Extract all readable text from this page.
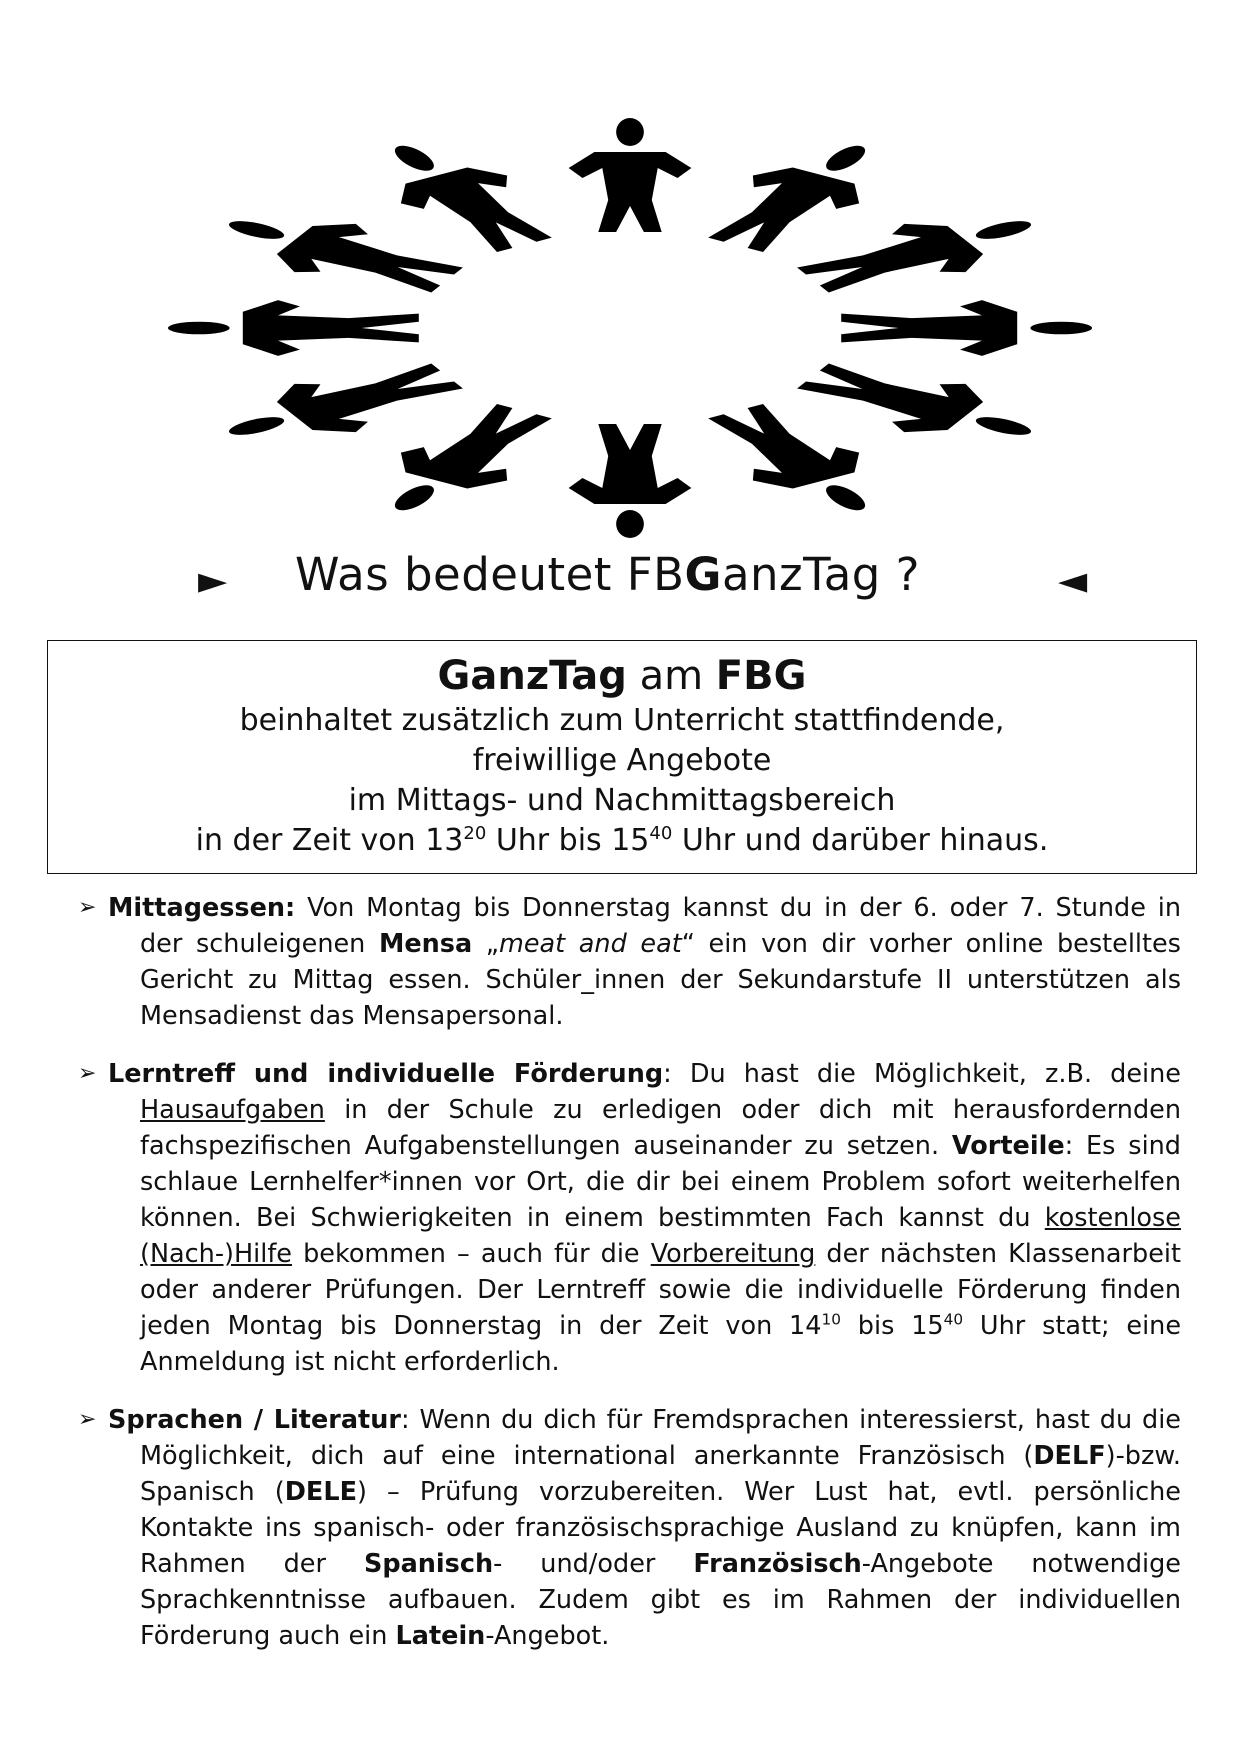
► Was bedeutet FBGanzTag ?	◄
GanzTag am FBG
beinhaltet zusätzlich zum Unterricht stattfindende,
freiwillige Angebote
im Mittags- und Nachmittagsbereich
in der Zeit von $13^{20}$ Uhr bis $15^{40}$ Uhr und darüber hinaus.
➢ Mittagessen: Von Montag bis Donnerstag kannst du in der 6. oder 7. Stunde in der schuleigenen Mensa „meat and eat“ ein von dir vorher online bestelltes Gericht zu Mittag essen. Schüler_innen der Sekundarstufe II unterstützen als Mensadienst das Mensapersonal.
➢ Lerntreff und individuelle Förderung: Du hast die Möglichkeit, z.B. deine Hausaufgaben in der Schule zu erledigen oder dich mit herausfordernden fachspezifischen Aufgabenstellungen auseinander zu setzen. Vorteile: Es sind schlaue Lernhelfer*innen vor Ort, die dir bei einem Problem sofort weiterhelfen können. Bei Schwierigkeiten in einem bestimmten Fach kannst du kostenlose (Nach-)Hilfe bekommen – auch für die Vorbereitung der nächsten Klassenarbeit oder anderer Prüfungen. Der Lerntreff sowie die individuelle Förderung finden jeden Montag bis Donnerstag in der Zeit von $14^{10}$ bis $15^{40}$ Uhr statt; eine Anmeldung ist nicht erforderlich.
➢ Sprachen / Literatur: Wenn du dich für Fremdsprachen interessierst, hast du die Möglichkeit, dich auf eine international anerkannte Französisch (DELF)-bzw. Spanisch (DELE) – Prüfung vorzubereiten. Wer Lust hat, evtl. persönliche Kontakte ins spanisch- oder französischsprachige Ausland zu knüpfen, kann im Rahmen der Spanisch- und/oder Französisch-Angebote notwendige Sprachkenntnisse aufbauen. Zudem gibt es im Rahmen der individuellen Förderung auch ein Latein-Angebot.
